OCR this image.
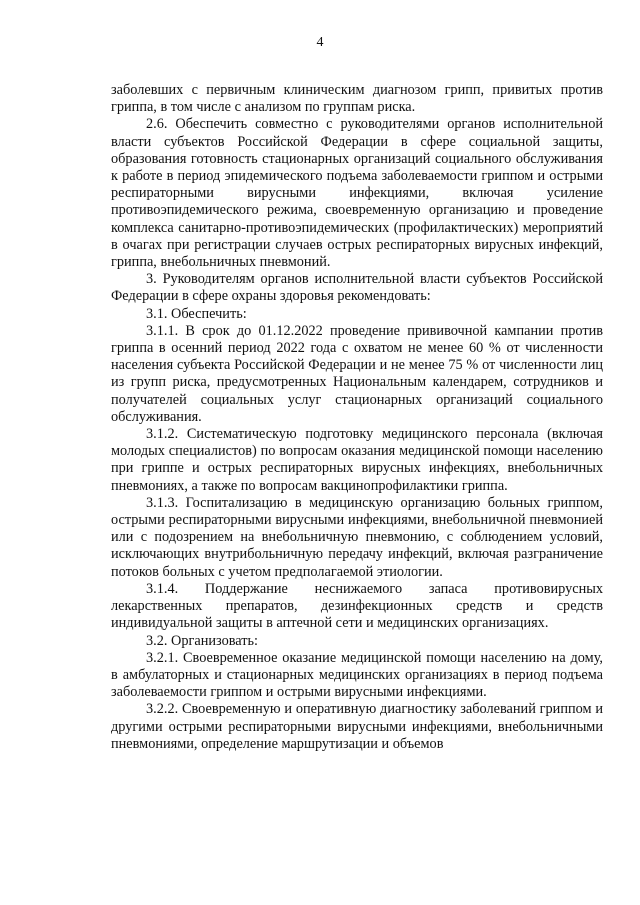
4

заболевших с первичным клиническим диагнозом грипп, привитых против гриппа, в том числе с анализом по группам риска.

2.6. Обеспечить совместно с руководителями органов исполнительной власти субъектов Российской Федерации в сфере социальной защиты, образования готовность стационарных организаций социального обслуживания к работе в период эпидемического подъема заболеваемости гриппом и острыми респираторными вирусными инфекциями, включая усиление противоэпидемического режима, своевременную организацию и проведение комплекса санитарно-противоэпидемических (профилактических) мероприятий в очагах при регистрации случаев острых респираторных вирусных инфекций, гриппа, внебольничных пневмоний.

3. Руководителям органов исполнительной власти субъектов Российской Федерации в сфере охраны здоровья рекомендовать:

3.1. Обеспечить:

3.1.1. В срок до 01.12.2022 проведение прививочной кампании против гриппа в осенний период 2022 года с охватом не менее 60 % от численности населения субъекта Российской Федерации и не менее 75 % от численности лиц из групп риска, предусмотренных Национальным календарем, сотрудников и получателей социальных услуг стационарных организаций социального обслуживания.

3.1.2. Систематическую подготовку медицинского персонала (включая молодых специалистов) по вопросам оказания медицинской помощи населению при гриппе и острых респираторных вирусных инфекциях, внебольничных пневмониях, а также по вопросам вакцинопрофилактики гриппа.

3.1.3. Госпитализацию в медицинскую организацию больных гриппом, острыми респираторными вирусными инфекциями, внебольничной пневмонией или с подозрением на внебольничную пневмонию, с соблюдением условий, исключающих внутрибольничную передачу инфекций, включая разграничение потоков больных с учетом предполагаемой этиологии.

3.1.4. Поддержание неснижаемого запаса противовирусных лекарственных препаратов, дезинфекционных средств и средств индивидуальной защиты в аптечной сети и медицинских организациях.

3.2. Организовать:

3.2.1. Своевременное оказание медицинской помощи населению на дому, в амбулаторных и стационарных медицинских организациях в период подъема заболеваемости гриппом и острыми вирусными инфекциями.

3.2.2. Своевременную и оперативную диагностику заболеваний гриппом и другими острыми респираторными вирусными инфекциями, внебольничными пневмониями, определение маршрутизации и объемов
